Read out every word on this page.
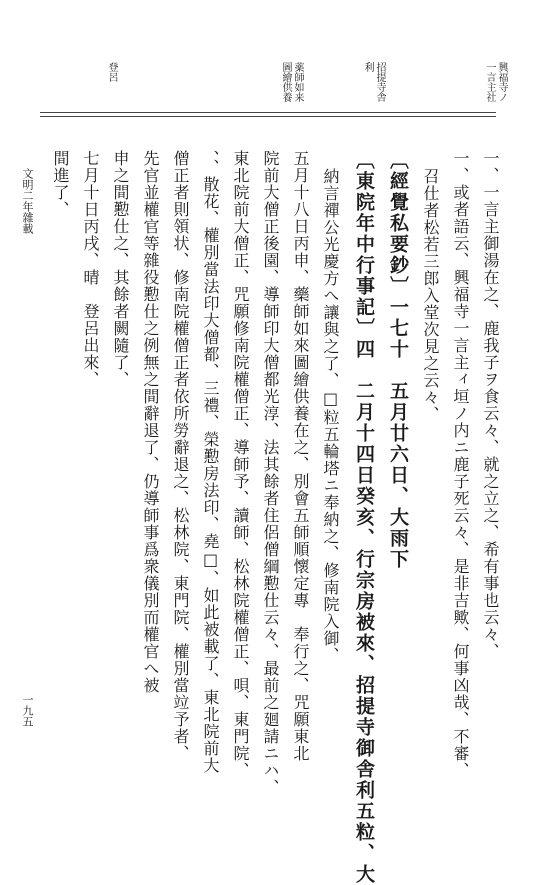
興福寺ノ
一言主社
招提寺舎
利
薬師如来
圖繪供養
登呂
一、一言主御湯在之、鹿我子ヲ食云々、就之立之、希有事也云々、
一、或者語云、興福寺一言主ィ垣ノ内ニ鹿子死云々、是非吉歟、何事凶哉、不審、
召仕者松若三郎入堂次見之云々、
〔經覺私要鈔〕一七十　五月廿六日、大雨下
〔東院年中行事記〕四　二月十四日癸亥、行宗房被來、招提寺御舎利五粒、大
納言禪公光慶方へ讓與之了、□粒五輪塔ニ奉納之、修南院入御、
五月十八日丙申、藥師如來圖繪供養在之、別會五師順懷定專　奉行之、咒願東北
院前大僧正後園、導師印大僧都光淳、法其餘者住侶僧綱懃仕云々、最前之廻請ニハ、
東北院前大僧正、咒願修南院權僧正、導師予、讀師、松林院權僧正、唄、東門院、
、、散花、權別當法印大僧都、三禮、榮懃房法印、堯□、如此被載了、東北院前大
僧正者則領状、修南院權僧正者依所勞辭退之、松林院、東門院、權別當竝予者、
先官並權官等雜役懃仕之例無之間辭退了、仍導師事爲衆儀別而權官へ被
申之間懃仕之、其餘者闕隨了、
七月十日丙戌、晴　登呂出來、
間進了、
文明二年雜載
一九五
